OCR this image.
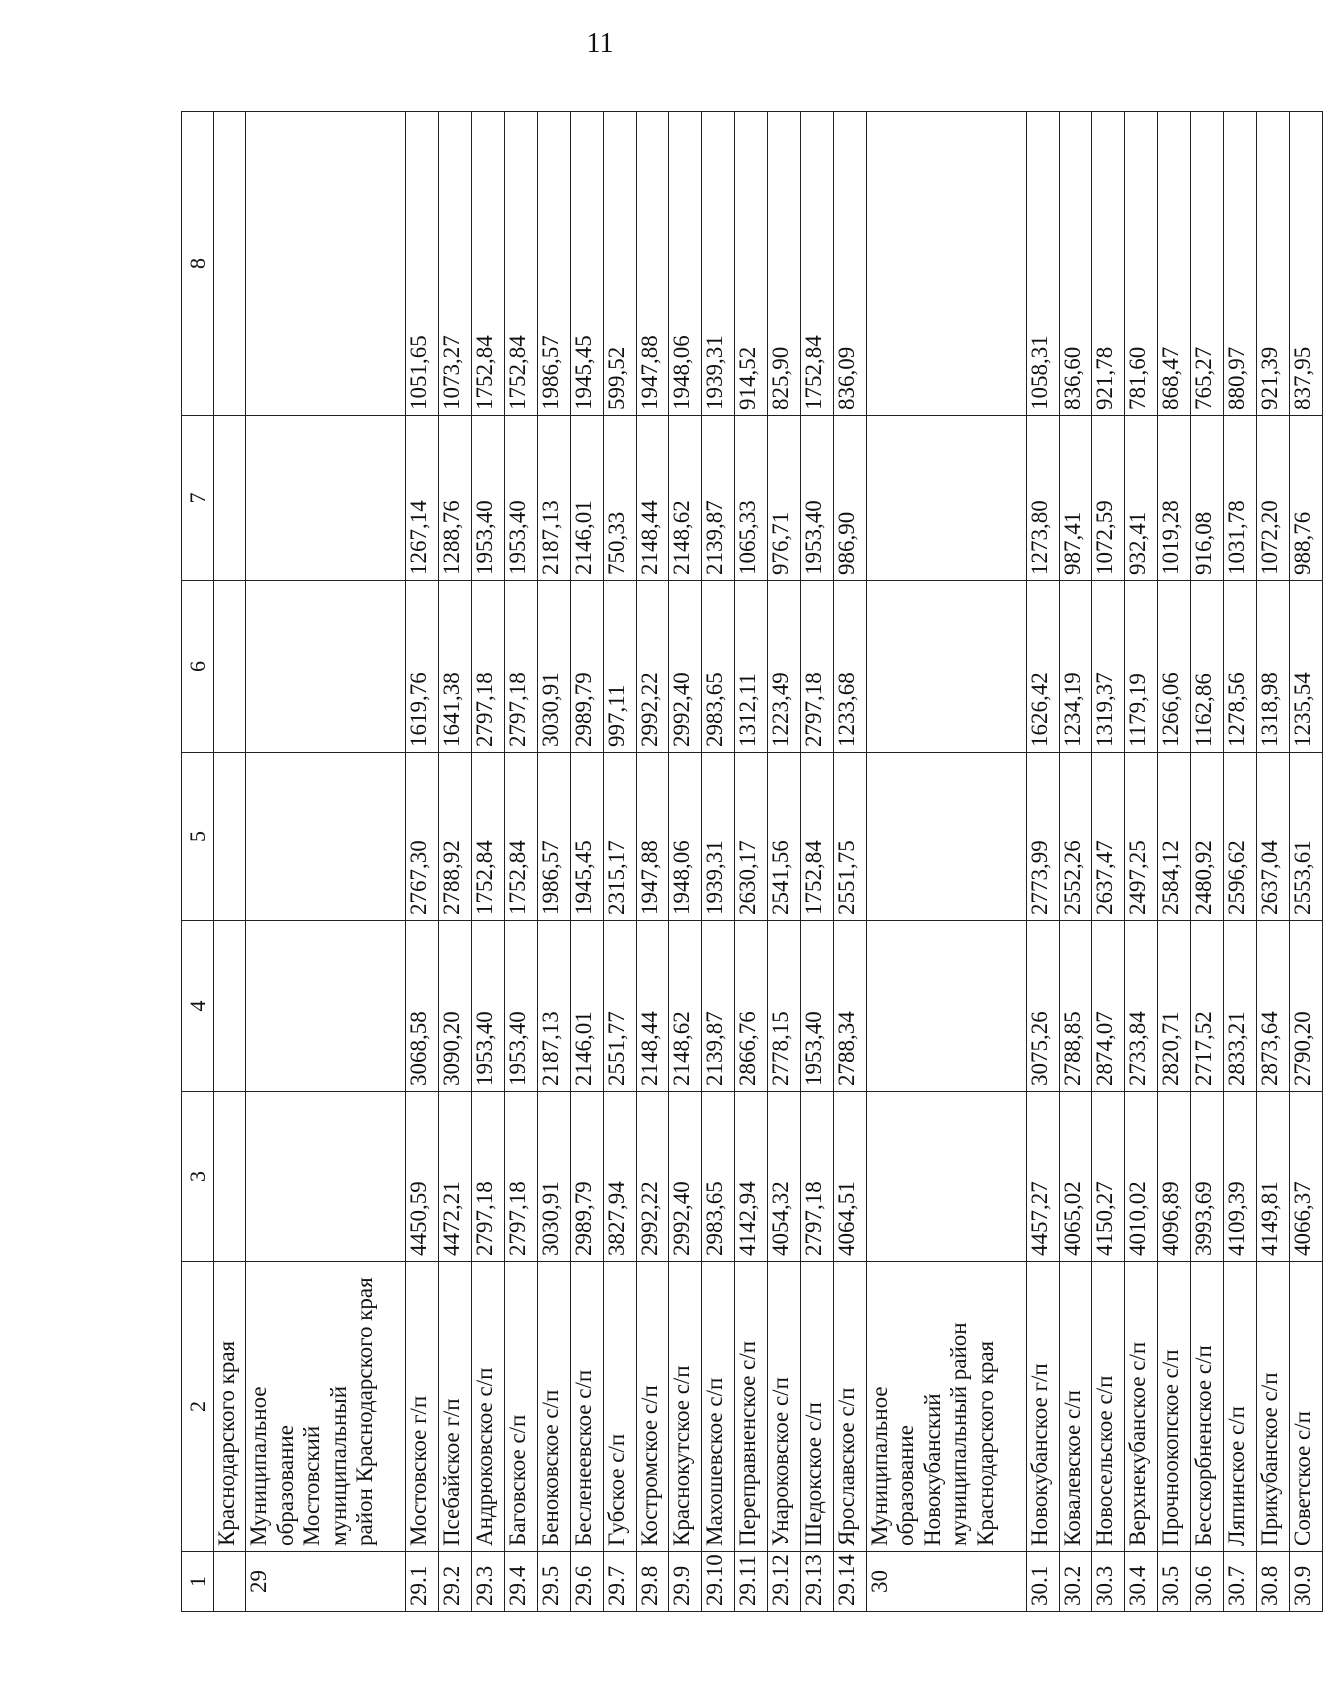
11
1	2	3	4	5	6	7	8
	Краснодарского края						
29	Муниципальное образование Мостовский муниципальный район Краснодарского края						

29.1	Мостовское г/п	4450,59	3068,58	2767,30	1619,76	1267,14	1051,65
29.2	Псебайское г/п	4472,21	3090,20	2788,92	1641,38	1288,76	1073,27
29.3	Андрюковское с/п	2797,18	1953,40	1752,84	2797,18	1953,40	1752,84
29.4	Баговское с/п	2797,18	1953,40	1752,84	2797,18	1953,40	1752,84
29.5	Беноковское с/п	3030,91	2187,13	1986,57	3030,91	2187,13	1986,57
29.6	Бесленеевское с/п	2989,79	2146,01	1945,45	2989,79	2146,01	1945,45
29.7	Губское с/п	3827,94	2551,77	2315,17	997,11	750,33	599,52
29.8	Костромское с/п	2992,22	2148,44	1947,88	2992,22	2148,44	1947,88
29.9	Краснокутское с/п	2992,40	2148,62	1948,06	2992,40	2148,62	1948,06
29.10	Махошевское с/п	2983,65	2139,87	1939,31	2983,65	2139,87	1939,31
29.11	Переправненское с/п	4142,94	2866,76	2630,17	1312,11	1065,33	914,52
29.12	Унароковское с/п	4054,32	2778,15	2541,56	1223,49	976,71	825,90
29.13	Шедокское с/п	2797,18	1953,40	1752,84	2797,18	1953,40	1752,84
29.14	Ярославское с/п	4064,51	2788,34	2551,75	1233,68	986,90	836,09
30	Муниципальное образование Новокубанский муниципальный район Краснодарского края						

30.1	Новокубанское г/п	4457,27	3075,26	2773,99	1626,42	1273,80	1058,31
30.2	Ковалевское с/п	4065,02	2788,85	2552,26	1234,19	987,41	836,60
30.3	Новосельское с/п	4150,27	2874,07	2637,47	1319,37	1072,59	921,78
30.4	Верхнекубанское с/п	4010,02	2733,84	2497,25	1179,19	932,41	781,60
30.5	Прочноокопское с/п	4096,89	2820,71	2584,12	1266,06	1019,28	868,47
30.6	Бесскорбненское с/п	3993,69	2717,52	2480,92	1162,86	916,08	765,27
30.7	Ляпинское с/п	4109,39	2833,21	2596,62	1278,56	1031,78	880,97
30.8	Прикубанское с/п	4149,81	2873,64	2637,04	1318,98	1072,20	921,39
30.9	Советское с/п	4066,37	2790,20	2553,61	1235,54	988,76	837,95
